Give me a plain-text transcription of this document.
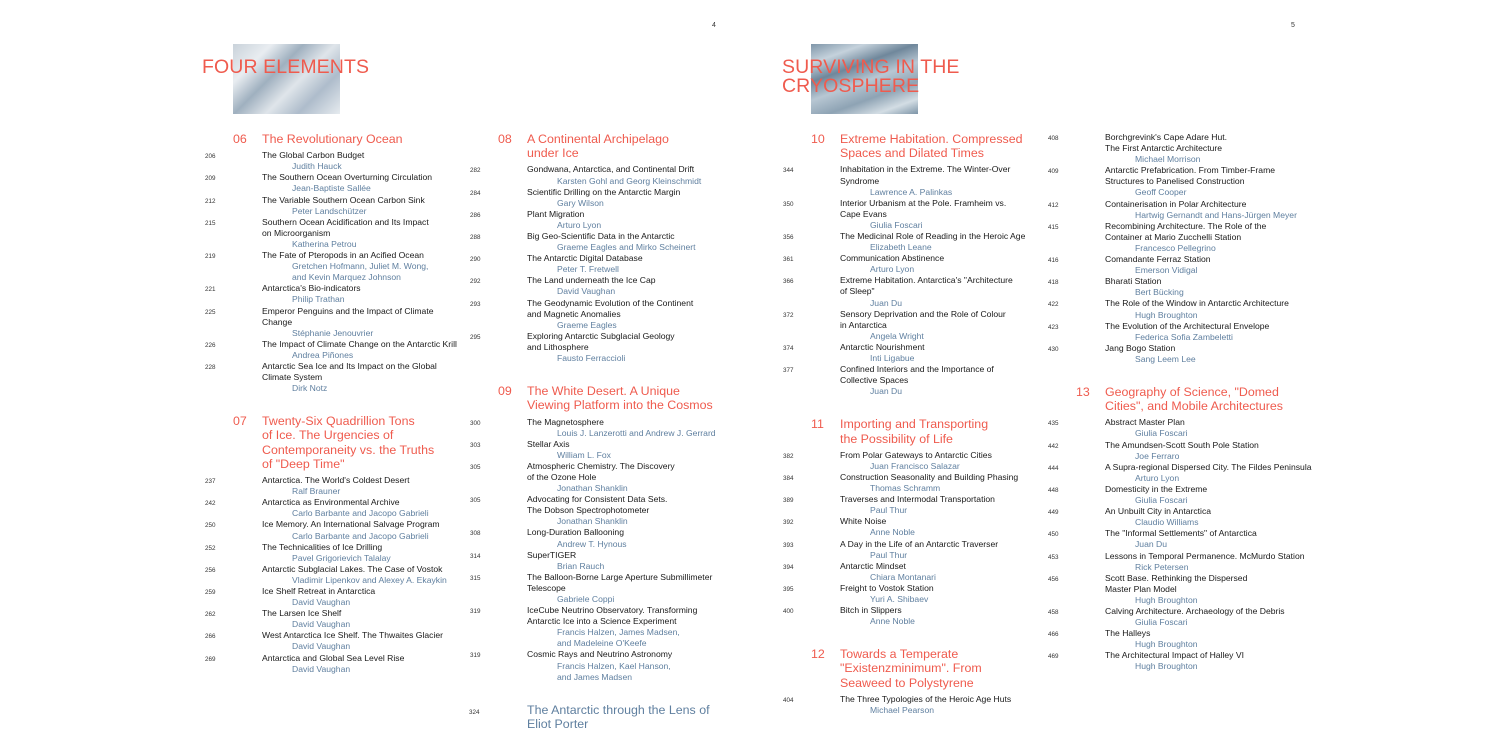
4	5
FOUR ELEMENTS	SURVIVING IN THE
CRYOSPHERE
06 The Revolutionary Ocean
206	The Global Carbon Budget
Judith Hauck
209	The Southern Ocean Overturning Circulation
Jean-Baptiste Sallée
212	The Variable Southern Ocean Carbon Sink
Peter Landschützer
215	Southern Ocean Acidification and Its Impact
on Microorganism
Katherina Petrou
219	The Fate of Pteropods in an Acified Ocean
Gretchen Hofmann, Juliet M. Wong,
and Kevin Marquez Johnson
221	Antarctica's Bio-indicators
Philip Trathan
225	Emperor Penguins and the Impact of Climate
Change
Stéphanie Jenouvrier
226	The Impact of Climate Change on the Antarctic Krill
Andrea Piñones
228	Antarctic Sea Ice and Its Impact on the Global
Climate System
Dirk Notz
07 Twenty-Six Quadrillion Tons
of Ice. The Urgencies of
Contemporaneity vs. the Truths
of "Deep Time"
237	Antarctica. The World's Coldest Desert
Ralf Brauner
242	Antarctica as Environmental Archive
Carlo Barbante and Jacopo Gabrieli
250	Ice Memory. An International Salvage Program
Carlo Barbante and Jacopo Gabrieli
252	The Technicalities of Ice Drilling
Pavel Grigorievich Talalay
256	Antarctic Subglacial Lakes. The Case of Vostok
Vladimir Lipenkov and Alexey A. Ekaykin
259	Ice Shelf Retreat in Antarctica
David Vaughan
262	The Larsen Ice Shelf
David Vaughan
266	West Antarctica Ice Shelf. The Thwaites Glacier
David Vaughan
269	Antarctica and Global Sea Level Rise
David Vaughan
08 A Continental Archipelago
under Ice
282	Gondwana, Antarctica, and Continental Drift
Karsten Gohl and Georg Kleinschmidt
284	Scientific Drilling on the Antarctic Margin
Gary Wilson
286	Plant Migration
Arturo Lyon
288	Big Geo-Scientific Data in the Antarctic
Graeme Eagles and Mirko Scheinert
290	The Antarctic Digital Database
Peter T. Fretwell
292	The Land underneath the Ice Cap
David Vaughan
293	The Geodynamic Evolution of the Continent
and Magnetic Anomalies
Graeme Eagles
295	Exploring Antarctic Subglacial Geology
and Lithosphere
Fausto Ferraccioli
09 The White Desert. A Unique
Viewing Platform into the Cosmos
300	The Magnetosphere
Louis J. Lanzerotti and Andrew J. Gerrard
303	Stellar Axis
William L. Fox
305	Atmospheric Chemistry. The Discovery
of the Ozone Hole
Jonathan Shanklin
305	Advocating for Consistent Data Sets.
The Dobson Spectrophotometer
Jonathan Shanklin
308	Long-Duration Ballooning
Andrew T. Hynous
314	SuperTIGER
Brian Rauch
315	The Balloon-Borne Large Aperture Submillimeter
Telescope
Gabriele Coppi
319	IceCube Neutrino Observatory. Transforming
Antarctic Ice into a Science Experiment
Francis Halzen, James Madsen,
and Madeleine O'Keefe
319	Cosmic Rays and Neutrino Astronomy
Francis Halzen, Kael Hanson,
and James Madsen
324	The Antarctic through the Lens of
Eliot Porter
10 Extreme Habitation. Compressed
Spaces and Dilated Times
344	Inhabitation in the Extreme. The Winter-Over
Syndrome
Lawrence A. Palinkas
350	Interior Urbanism at the Pole. Framheim vs.
Cape Evans
Giulia Foscari
356	The Medicinal Role of Reading in the Heroic Age
Elizabeth Leane
361	Communication Abstinence
Arturo Lyon
366	Extreme Habitation. Antarctica's "Architecture
of Sleep"
Juan Du
372	Sensory Deprivation and the Role of Colour
in Antarctica
Angela Wright
374	Antarctic Nourishment
Inti Ligabue
377	Confined Interiors and the Importance of
Collective Spaces
Juan Du
11 Importing and Transporting
the Possibility of Life
382	From Polar Gateways to Antarctic Cities
Juan Francisco Salazar
384	Construction Seasonality and Building Phasing
Thomas Schramm
389	Traverses and Intermodal Transportation
Paul Thur
392	White Noise
Anne Noble
393	A Day in the Life of an Antarctic Traverser
Paul Thur
394	Antarctic Mindset
Chiara Montanari
395	Freight to Vostok Station
Yuri A. Shibaev
400	Bitch in Slippers
Anne Noble
12 Towards a Temperate
"Existenzminimum". From
Seaweed to Polystyrene
404	The Three Typologies of the Heroic Age Huts
Michael Pearson
408	Borchgrevink's Cape Adare Hut.
The First Antarctic Architecture
Michael Morrison
409	Antarctic Prefabrication. From Timber-Frame
Structures to Panelised Construction
Geoff Cooper
412	Containerisation in Polar Architecture
Hartwig Gernandt and Hans-Jürgen Meyer
415	Recombining Architecture. The Role of the
Container at Mario Zucchelli Station
Francesco Pellegrino
416	Comandante Ferraz Station
Emerson Vidigal
418	Bharati Station
Bert Bücking
422	The Role of the Window in Antarctic Architecture
Hugh Broughton
423	The Evolution of the Architectural Envelope
Federica Sofia Zambeletti
430	Jang Bogo Station
Sang Leem Lee
13 Geography of Science, "Domed
Cities", and Mobile Architectures
435	Abstract Master Plan
Giulia Foscari
442	The Amundsen-Scott South Pole Station
Joe Ferraro
444	A Supra-regional Dispersed City. The Fildes Peninsula
Arturo Lyon
448	Domesticity in the Extreme
Giulia Foscari
449	An Unbuilt City in Antarctica
Claudio Williams
450	The "Informal Settlements" of Antarctica
Juan Du
453	Lessons in Temporal Permanence. McMurdo Station
Rick Petersen
456	Scott Base. Rethinking the Dispersed
Master Plan Model
Hugh Broughton
458	Calving Architecture. Archaeology of the Debris
Giulia Foscari
466	The Halleys
Hugh Broughton
469	The Architectural Impact of Halley VI
Hugh Broughton
